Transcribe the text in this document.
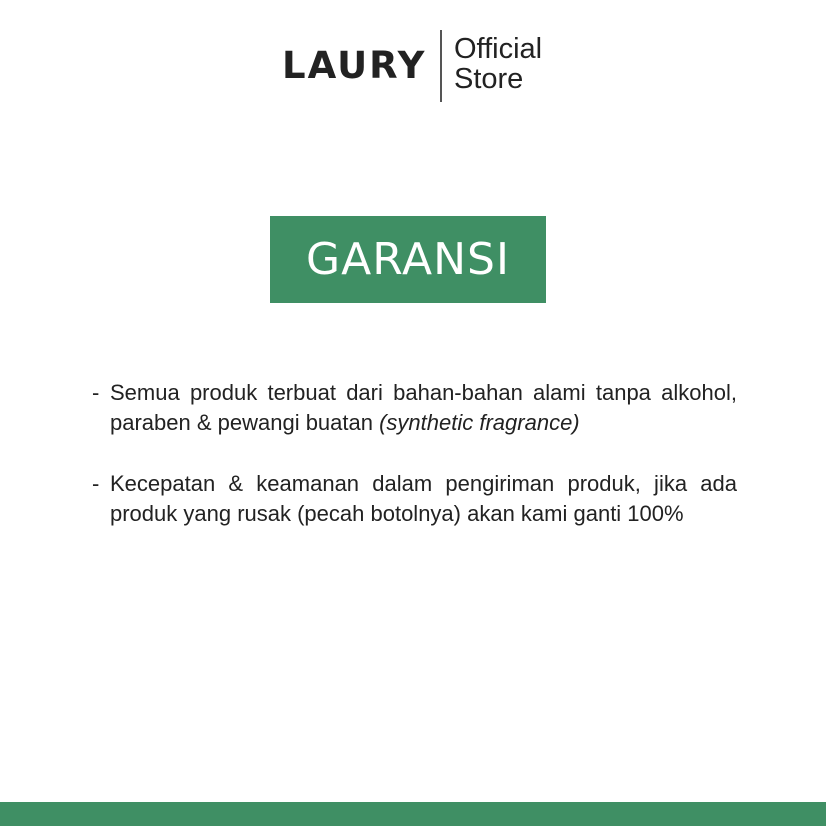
LAURY Official
Store
GARANSI
- Semua produk terbuat dari bahan-bahan alami tanpa alkohol, paraben & pewangi buatan (synthetic fragrance)
- Kecepatan & keamanan dalam pengiriman produk, jika ada produk yang rusak (pecah botolnya) akan kami ganti 100%
